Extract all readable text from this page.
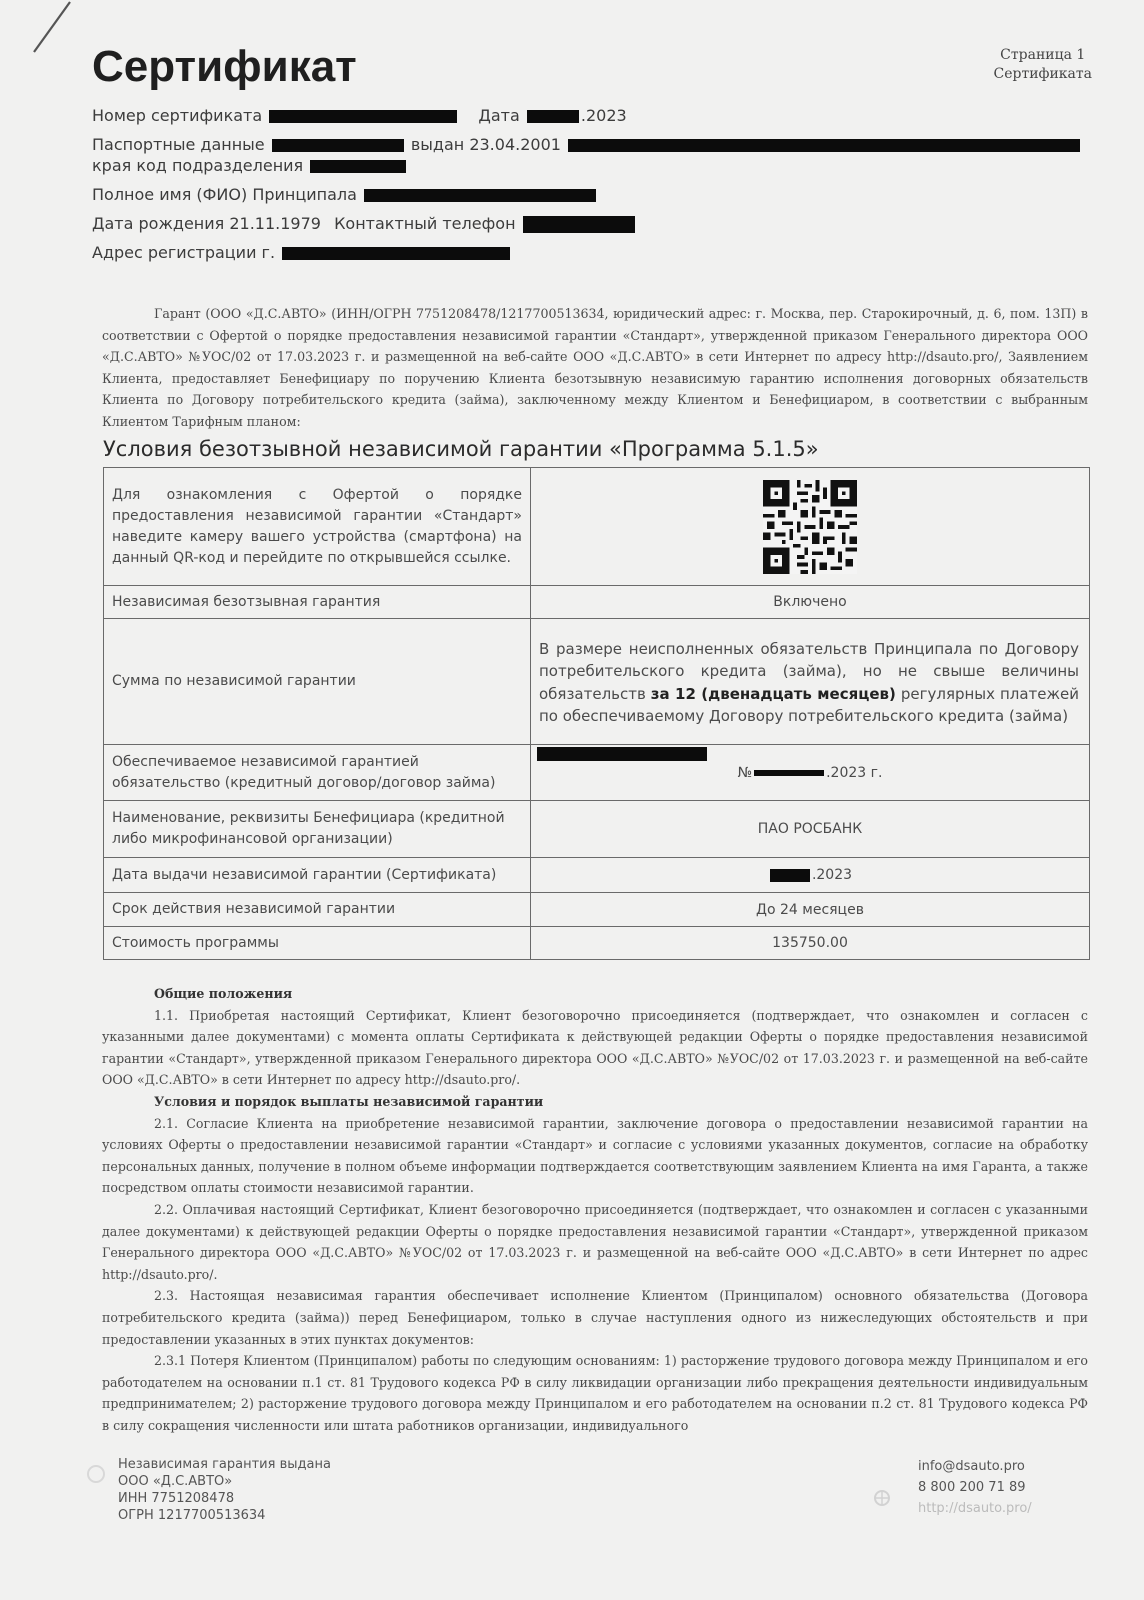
Страница 1
Сертификата
Сертификат
Номер сертификата	Дата	.2023
Паспортные данные	выдан 23.04.2001
края код подразделения
Полное имя (ФИО) Принципала
Дата рождения 21.11.1979 Контактный телефон
Адрес регистрации г.
Гарант (ООО «Д.С.АВТО» (ИНН/ОГРН 7751208478/1217700513634, юридический адрес: г. Москва, пер. Старокирочный, д. 6, пом. 13П) в соответствии с Офертой о порядке предоставления независимой гарантии «Стандарт», утвержденной приказом Генерального директора ООО «Д.С.АВТО» №УОС/02 от 17.03.2023 г. и размещенной на веб-сайте ООО «Д.С.АВТО» в сети Интернет по адресу http://dsauto.pro/, Заявлением Клиента, предоставляет Бенефициару по поручению Клиента безотзывную независимую гарантию исполнения договорных обязательств Клиента по Договору потребительского кредита (займа), заключенному между Клиентом и Бенефициаром, в соответствии с выбранным Клиентом Тарифным планом:
Условия безотзывной независимой гарантии «Программа 5.1.5»
Для ознакомления с Офертой о порядке предоставления независимой гарантии «Стандарт» наведите камеру вашего устройства (смартфона) на данный QR-код и перейдите по открывшейся ссылке.	

Независимая безотзывная гарантия	Включено
Сумма по независимой гарантии	В размере неисполненных обязательств Принципала по Договору потребительского кредита (займа), но не свыше величины обязательств за 12 (двенадцать месяцев) регулярных платежей по обеспечиваемому Договору потребительского кредита (займа)

Обеспечиваемое независимой гарантией обязательство (кредитный договор/договор займа)	№ .2023 г.
Наименование, реквизиты Бенефициара (кредитной либо микрофинансовой организации)	ПАО РОСБАНК
Дата выдачи независимой гарантии (Сертификата)	.2023
Срок действия независимой гарантии	До 24 месяцев
Стоимость программы	135750.00
Общие положения

1.1. Приобретая настоящий Сертификат, Клиент безоговорочно присоединяется (подтверждает, что ознакомлен и согласен с указанными далее документами) с момента оплаты Сертификата к действующей редакции Оферты о порядке предоставления независимой гарантии «Стандарт», утвержденной приказом Генерального директора ООО «Д.С.АВТО» №УОС/02 от 17.03.2023 г. и размещенной на веб-сайте ООО «Д.С.АВТО» в сети Интернет по адресу http://dsauto.pro/.

Условия и порядок выплаты независимой гарантии

2.1. Согласие Клиента на приобретение независимой гарантии, заключение договора о предоставлении независимой гарантии на условиях Оферты о предоставлении независимой гарантии «Стандарт» и согласие с условиями указанных документов, согласие на обработку персональных данных, получение в полном объеме информации подтверждается соответствующим заявлением Клиента на имя Гаранта, а также посредством оплаты стоимости независимой гарантии.

2.2. Оплачивая настоящий Сертификат, Клиент безоговорочно присоединяется (подтверждает, что ознакомлен и согласен с указанными далее документами) к действующей редакции Оферты о порядке предоставления независимой гарантии «Стандарт», утвержденной приказом Генерального директора ООО «Д.С.АВТО» №УОС/02 от 17.03.2023 г. и размещенной на веб-сайте ООО «Д.С.АВТО» в сети Интернет по адрес http://dsauto.pro/.

2.3. Настоящая независимая гарантия обеспечивает исполнение Клиентом (Принципалом) основного обязательства (Договора потребительского кредита (займа)) перед Бенефициаром, только в случае наступления одного из нижеследующих обстоятельств и при предоставлении указанных в этих пунктах документов:

2.3.1 Потеря Клиентом (Принципалом) работы по следующим основаниям: 1) расторжение трудового договора между Принципалом и его работодателем на основании п.1 ст. 81 Трудового кодекса РФ в силу ликвидации организации либо прекращения деятельности индивидуальным предпринимателем; 2) расторжение трудового договора между Принципалом и его работодателем на основании п.2 ст. 81 Трудового кодекса РФ в силу сокращения численности или штата работников организации, индивидуального

Независимая гарантия выдана
ООО «Д.С.АВТО»
ИНН 7751208478
ОГРН 1217700513634
info@dsauto.pro
8 800 200 71 89
http://dsauto.pro/
